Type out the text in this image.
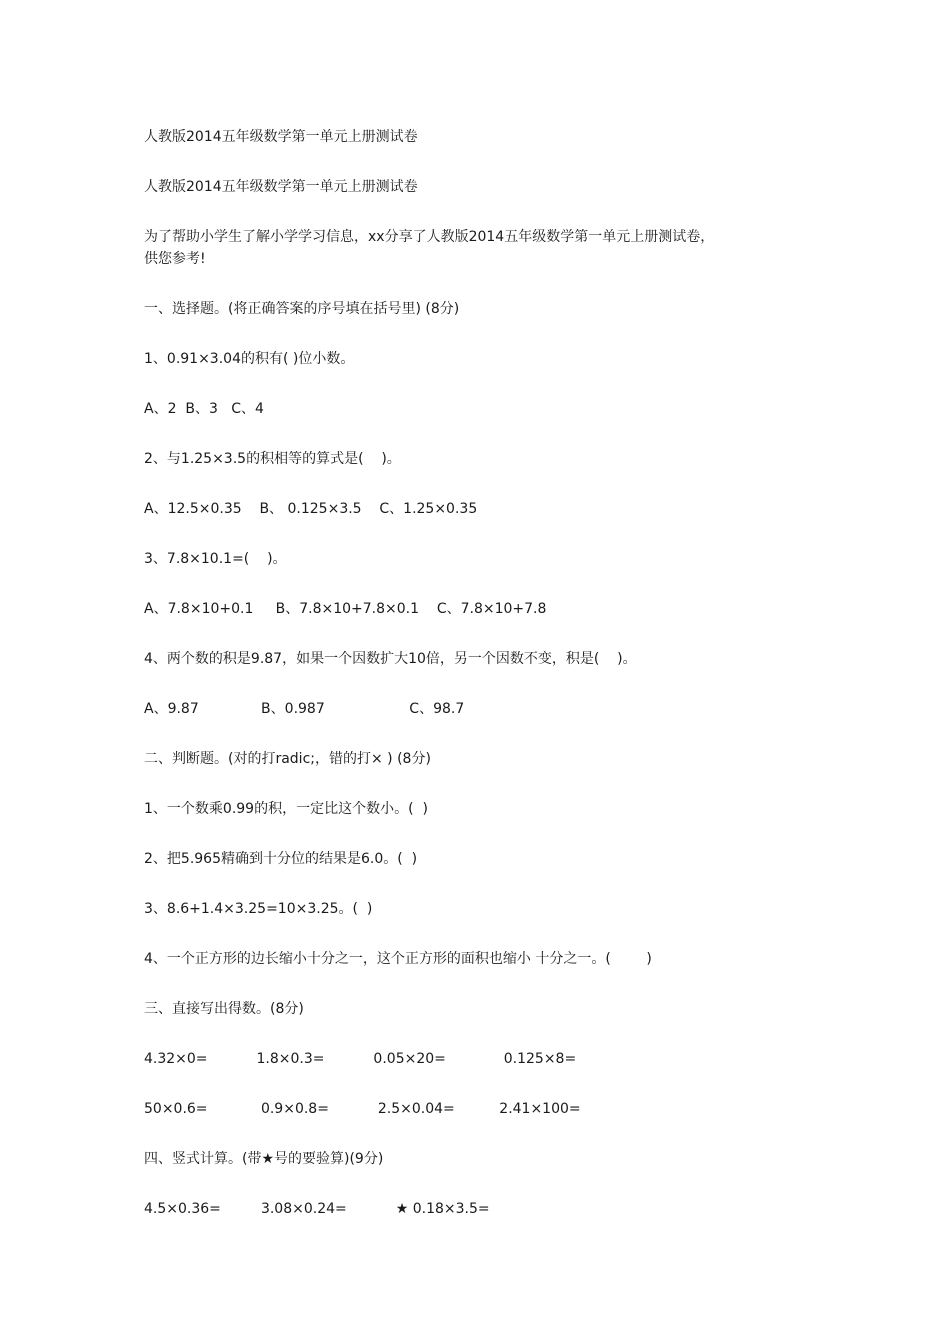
人教版2014五年级数学第一单元上册测试卷

人教版2014五年级数学第一单元上册测试卷

为了帮助小学生了解小学学习信息，xx分享了人教版2014五年级数学第一单元上册测试卷，

供您参考!

一、选择题。(将正确答案的序号填在括号里) (8分)

1、0.91×3.04的积有( )位小数。

A、2  B、3   C、4

2、与1.25×3.5的积相等的算式是(    )。

A、12.5×0.35    B、 0.125×3.5    C、1.25×0.35

3、7.8×10.1=(    )。

A、7.8×10+0.1     B、7.8×10+7.8×0.1    C、7.8×10+7.8

4、两个数的积是9.87，如果一个因数扩大10倍，另一个因数不变，积是(    )。

A、9.87              B、0.987                   C、98.7

二、判断题。(对的打radic;，错的打× ) (8分)

1、一个数乘0.99的积，一定比这个数小。(  )

2、把5.965精确到十分位的结果是6.0。(  )

3、8.6+1.4×3.25=10×3.25。(  )

4、一个正方形的边长缩小十分之一，这个正方形的面积也缩小 十分之一。(        )

三、直接写出得数。(8分)

4.32×0=           1.8×0.3=           0.05×20=             0.125×8=

50×0.6=            0.9×0.8=           2.5×0.04=          2.41×100=

四、竖式计算。(带★号的要验算)(9分)

4.5×0.36=         3.08×0.24=           ★ 0.18×3.5=
